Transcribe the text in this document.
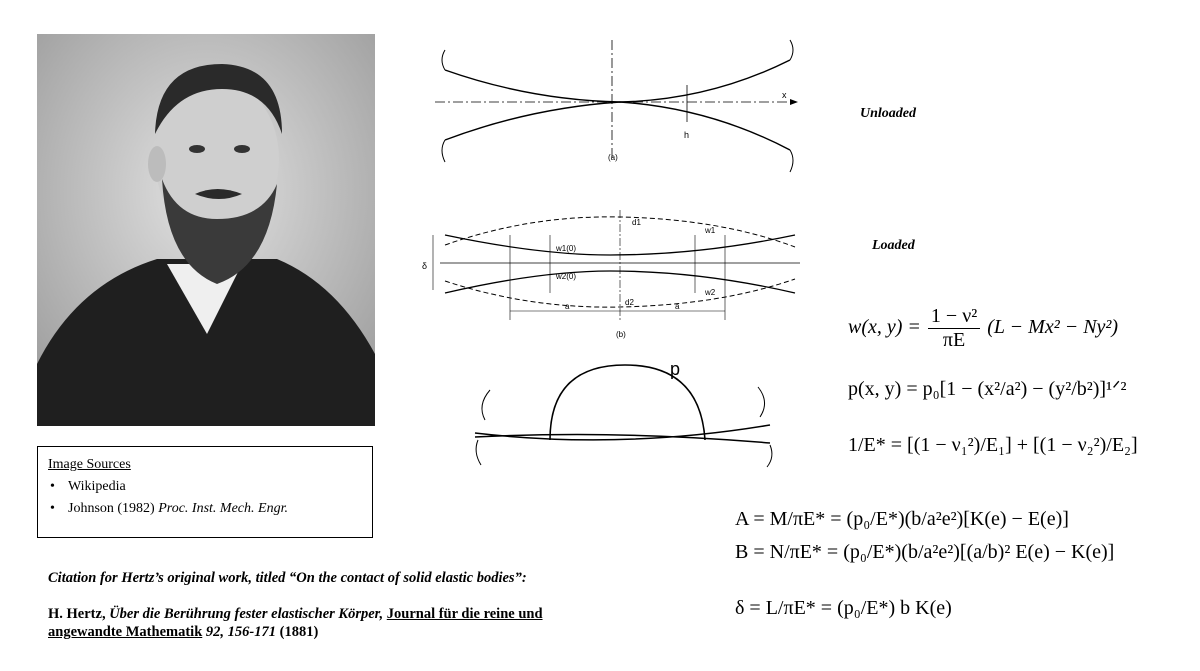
Image Sources
• Wikipedia
• Johnson (1982) Proc. Inst. Mech. Engr.
Citation for Hertz’s original work, titled “On the contact of solid elastic bodies”:
H. Hertz, Über die Berührung fester elastischer Körper, Journal für die reine und angewandte Mathematik 92, 156-171 (1881)
x
h
(a)
Unloaded
δ
w1(0)
w2(0)
d1
d2
w1
w2
a	a
(b)
Loaded
p
w(x, $y) = \frac{\text{1 − ν²}}{\pi E} (L - Mx^2 - Ny^2)$
p(x, y) = p₀[1 − (x²/a²) − (y²/b²)]¹ᐟ²
1/E* = [(1 − ν₁²)/E₁] + [(1 − ν₂²)/E₂]
A = M/πE* = (p₀/E*)(b/a²e²)[K(e) − E(e)]
B = N/πE* = (p₀/E*)(b/a²e²)[(a/b)² E(e) − K(e)]
δ = L/πE* = (p₀/E*) b K(e)
